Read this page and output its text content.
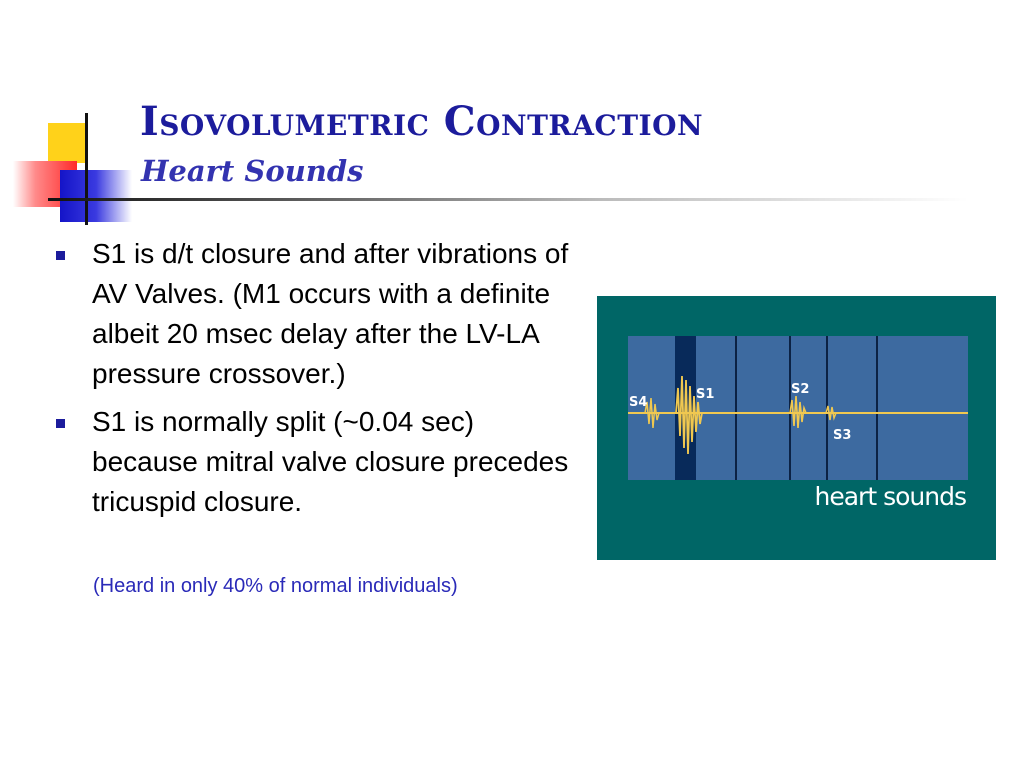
Isovolumetric Contraction
Heart Sounds
S1 is d/t closure and after vibrations of AV Valves. (M1 occurs with a definite albeit 20 msec delay after the LV-LA pressure crossover.)
S1 is normally split (~0.04 sec) because mitral valve closure precedes tricuspid closure.
(Heard in only 40% of normal individuals)
S4
S1	S2
S3
heart sounds
